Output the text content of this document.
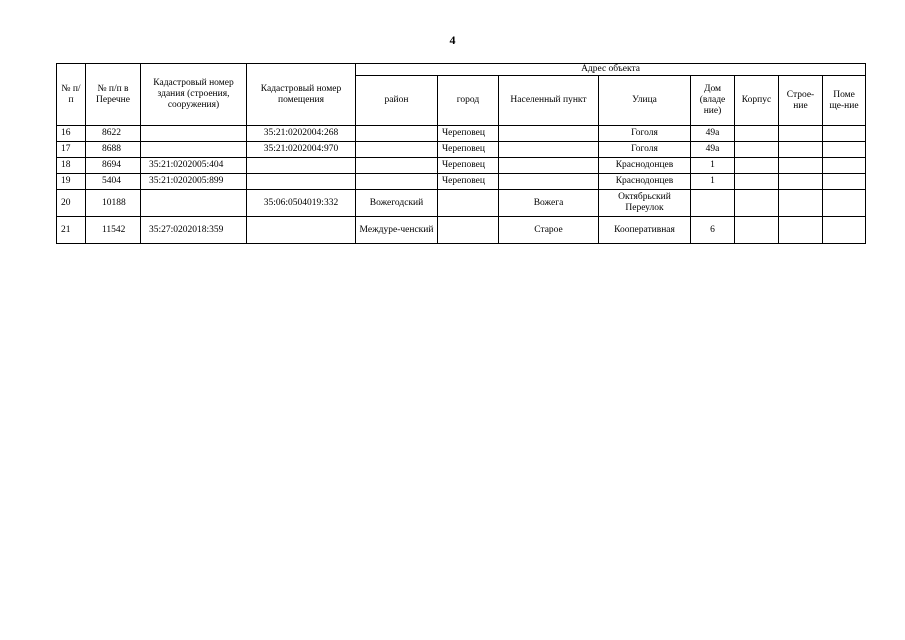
4
№ п/п	№ п/п в Перечне	Кадастровый номер здания (строения, сооружения)	Кадастровый номер помещения	Адрес объекта							
				район	город	Населенный пункт	Улица	Дом (владе ние)	Корпус	Строе-ние	Поме ще-ние
16	8622		35:21:0202004:268		Череповец		Гоголя	49а			
17	8688		35:21:0202004:970		Череповец		Гоголя	49а			
18	8694	35:21:0202005:404			Череповец		Краснодонцев	1			
19	5404	35:21:0202005:899			Череповец		Краснодонцев	1			
20	10188		35:06:0504019:332	Вожегодский		Вожега	Октябрьский Переулок				
21	11542	35:27:0202018:359		Междуре-ченский		Старое	Кооперативная	6			
